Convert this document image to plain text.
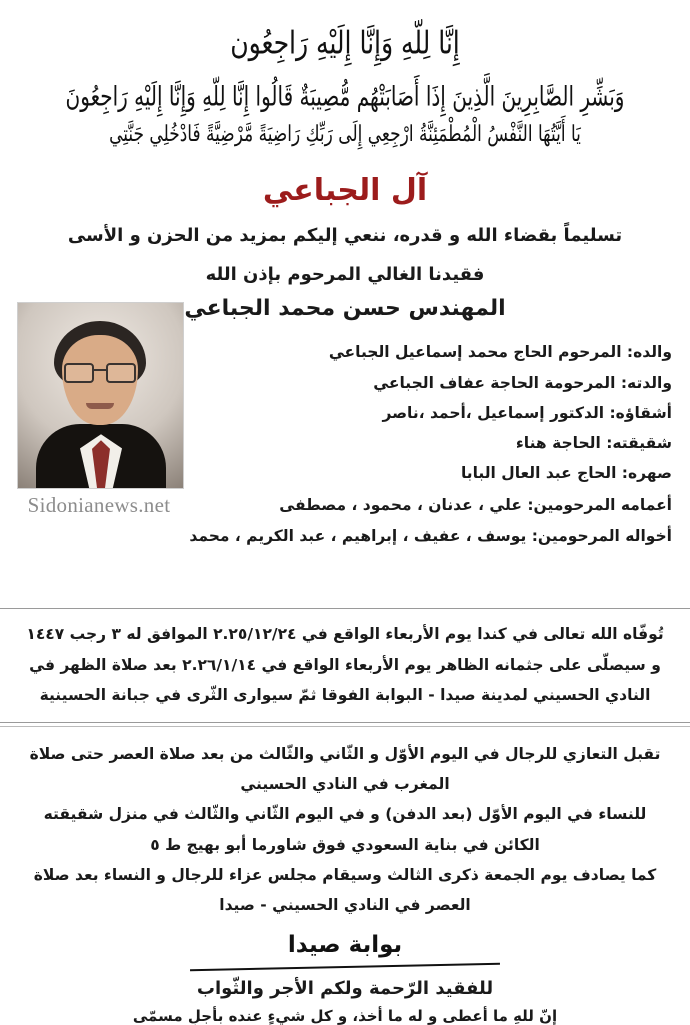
إِنَّا لِلّهِ وَإِنَّا إِلَيْهِ رَاجِعُون
وَبَشِّرِ الصَّابِرِينَ الَّذِينَ إِذَا أَصَابَتْهُم مُّصِيبَةٌ قَالُوا إِنَّا لِلّهِ وَإِنَّا إِلَيْهِ رَاجِعُونَ
يَا أَيَّتُهَا النَّفْسُ الْمُطْمَئِنَّةُ ارْجِعِي إِلَى رَبِّكِ رَاضِيَةً مَّرْضِيَّةً فَادْخُلِي جَنَّتِي
آل الجباعي
تسليماً بقضاء الله و قدره، ننعي إليكم بمزيد من الحزن و الأسى
فقيدنا الغالي المرحوم بإذن الله
Sidonianews.net
المهندس حسن محمد الجباعي
والده: المرحوم الحاج محمد إسماعيل الجباعي
والدته: المرحومة الحاجة عفاف الجباعي
أشقاؤه: الدكتور إسماعيل ،أحمد ،ناصر
شقيقته: الحاجة هناء
صهره: الحاج عبد العال البابا
أعمامه المرحومين: علي ، عدنان ، محمود ، مصطفى
أخواله المرحومين: يوسف ، عفيف ، إبراهيم ، عبد الكريم ، محمد
تُوفّاه الله تعالى في كندا يوم الأربعاء الواقع في ٢.٢٥/١٢/٢٤ الموافق له ٣ رجب ١٤٤٧
و سيصلّى على جثمانه الظاهر يوم الأربعاء الواقع في ٢.٢٦/١/١٤ بعد صلاة الظهر في
النادي الحسيني لمدينة صيدا - البوابة الفوقا ثمّ سيوارى الثّرى في جبانة الحسينية
تقبل التعازي للرجال في اليوم الأوّل و الثّاني والثّالث من بعد صلاة العصر حتى صلاة
المغرب في النادي الحسيني
للنساء في اليوم الأوّل (بعد الدفن) و في اليوم الثّاني والثّالث في منزل شقيقته
الكائن في بناية السعودي فوق شاورما أبو بهيج ط ٥
كما يصادف يوم الجمعة ذكرى الثالث وسيقام مجلس عزاء للرجال و النساء بعد صلاة
العصر في النادي الحسيني - صيدا
بوابة صيدا
للفقيد الرّحمة ولكم الأجر والثّواب
إنّ للهِ ما أعطى و له ما أخذ، و كل شيءٍ عنده بأجلٍ مسمّى
